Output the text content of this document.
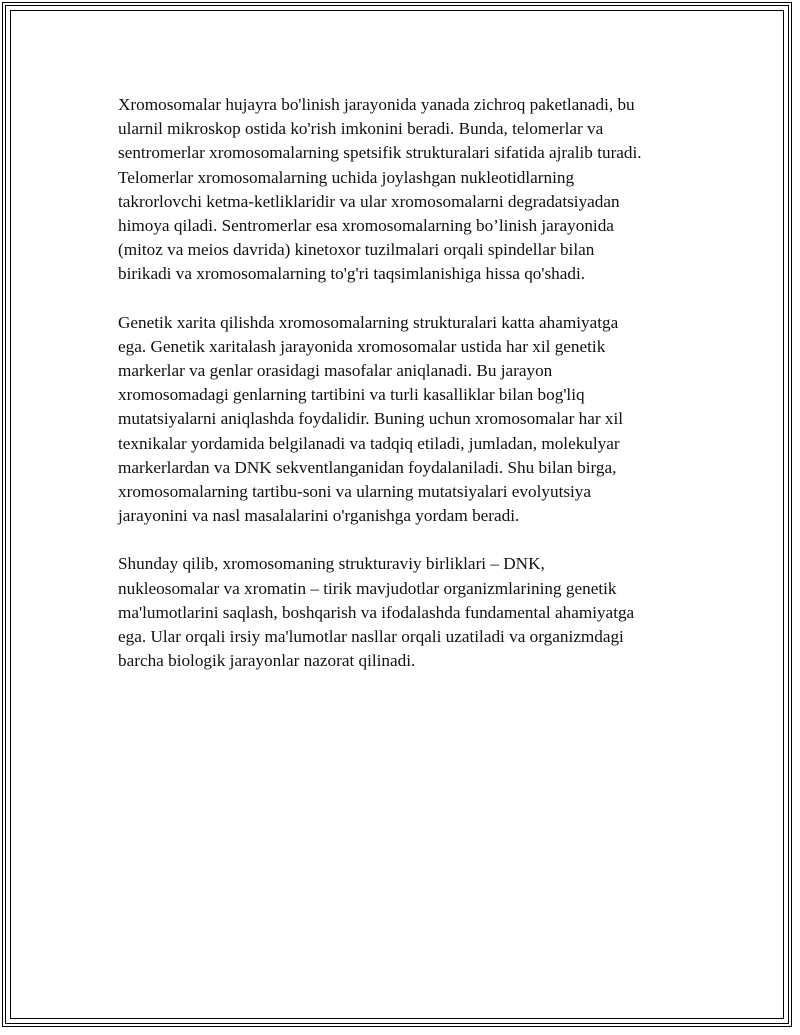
Xromosomalar hujayra bo'linish jarayonida yanada zichroq paketlanadi, bu
ularnil mikroskop ostida ko'rish imkonini beradi. Bunda, telomerlar va
sentromerlar xromosomalarning spetsifik strukturalari sifatida ajralib turadi.
Telomerlar xromosomalarning uchida joylashgan nukleotidlarning
takrorlovchi ketma-ketliklaridir va ular xromosomalarni degradatsiyadan
himoya qiladi. Sentromerlar esa xromosomalarning bo’linish jarayonida
(mitoz va meios davrida) kinetoxor tuzilmalari orqali spindellar bilan
birikadi va xromosomalarning to'g'ri taqsimlanishiga hissa qo'shadi.

Genetik xarita qilishda xromosomalarning strukturalari katta ahamiyatga
ega. Genetik xaritalash jarayonida xromosomalar ustida har xil genetik
markerlar va genlar orasidagi masofalar aniqlanadi. Bu jarayon
xromosomadagi genlarning tartibini va turli kasalliklar bilan bog'liq
mutatsiyalarni aniqlashda foydalidir. Buning uchun xromosomalar har xil
texnikalar yordamida belgilanadi va tadqiq etiladi, jumladan, molekulyar
markerlardan va DNK sekventlanganidan foydalaniladi. Shu bilan birga,
xromosomalarning tartibu-soni va ularning mutatsiyalari evolyutsiya
jarayonini va nasl masalalarini o'rganishga yordam beradi.

Shunday qilib, xromosomaning strukturaviy birliklari – DNK,
nukleosomalar va xromatin – tirik mavjudotlar organizmlarining genetik
ma'lumotlarini saqlash, boshqarish va ifodalashda fundamental ahamiyatga
ega. Ular orqali irsiy ma'lumotlar nasllar orqali uzatiladi va organizmdagi
barcha biologik jarayonlar nazorat qilinadi.
